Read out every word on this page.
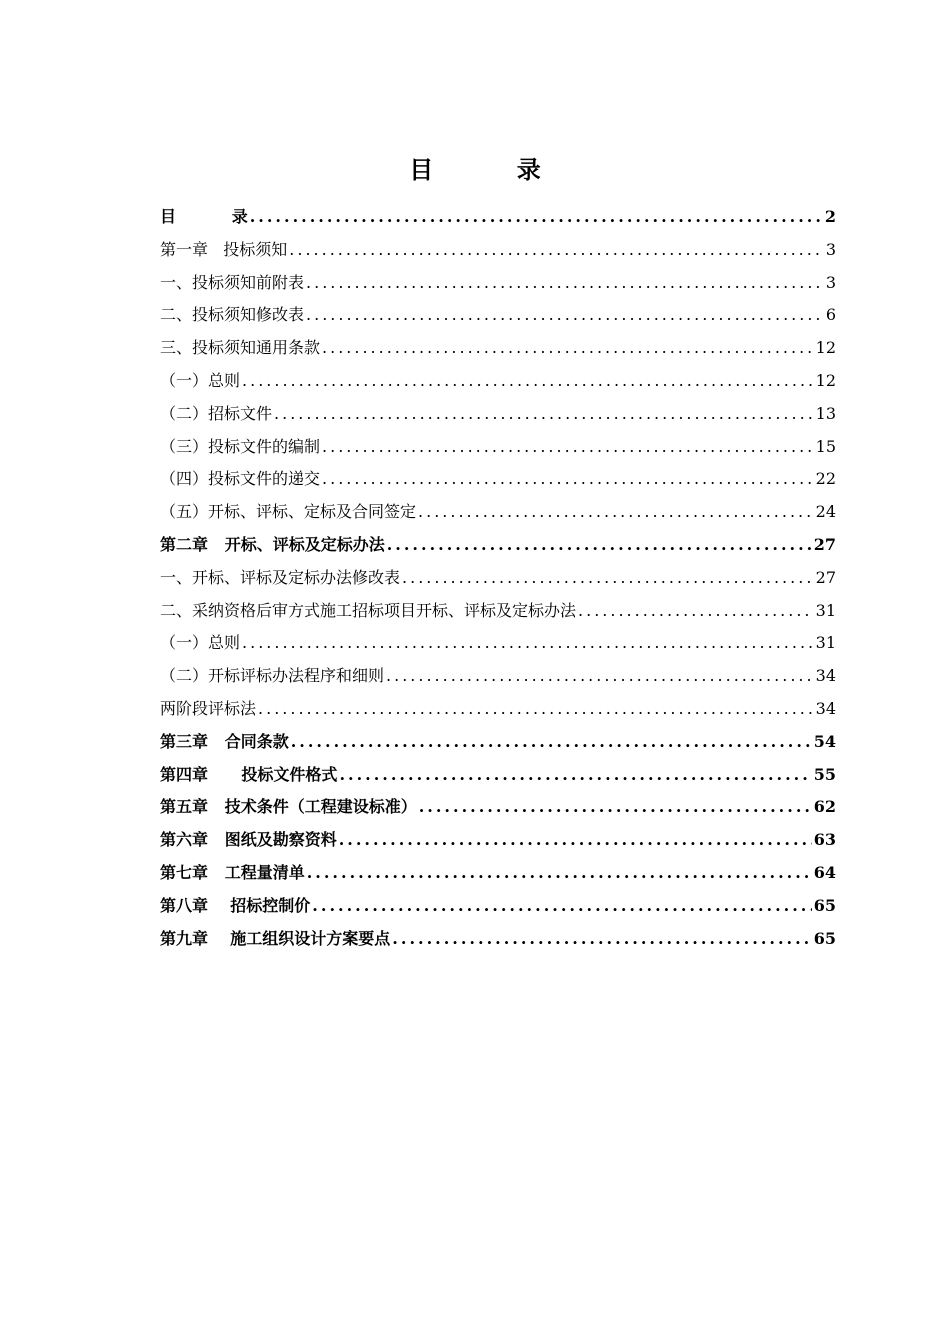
目          录
目          录 .....	2
第一章   投标须知 .....	3
一、投标须知前附表 .....	3
二、投标须知修改表 .....	6
三、投标须知通用条款 .....	12
（一）总则 .....	12
（二）招标文件 .....	13
（三）投标文件的编制 .....	15
（四）投标文件的递交 .....	22
（五）开标、评标、定标及合同签定 .....	24
第二章   开标、评标及定标办法 .....	27
一、开标、评标及定标办法修改表 .....	27
二、采纳资格后审方式施工招标项目开标、评标及定标办法 .....	31
（一）总则 .....	31
（二）开标评标办法程序和细则 .....	34
两阶段评标法 .....	34
第三章   合同条款 .....	54
第四章      投标文件格式 .....	55
第五章   技术条件（工程建设标准） .....	62
第六章   图纸及勘察资料 .....	63
第七章   工程量清单 .....	64
第八章    招标控制价 .....	65
第九章    施工组织设计方案要点 .....	65
